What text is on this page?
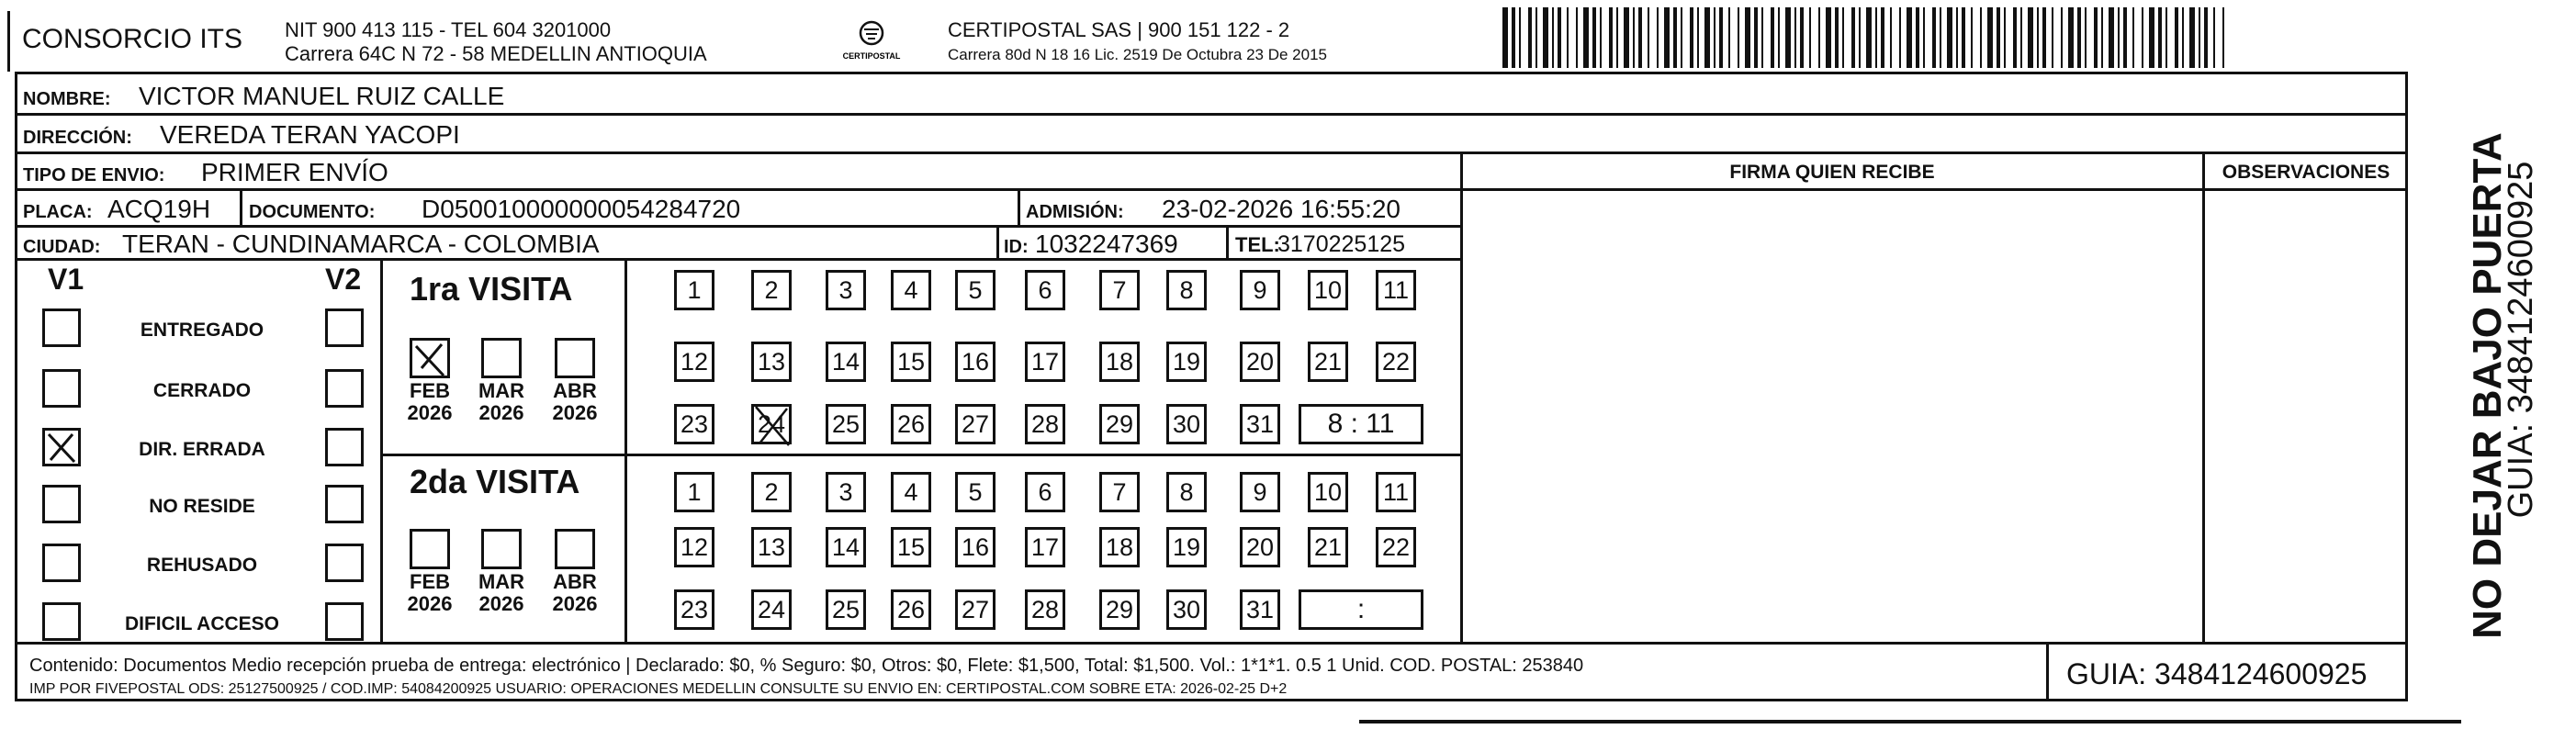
CONSORCIO ITS NIT 900 413 115 - TEL 604 3201000
Carrera 64C N 72 - 58 MEDELLIN ANTIOQUIA	CERTIPOSTAL
CERTIPOSTAL SAS | 900 151 122 - 2
Carrera 80d N 18 16 Lic. 2519 De Octubra 23 De 2015
NOMBRE: VICTOR MANUEL RUIZ CALLE
DIRECCIÓN: VEREDA TERAN YACOPI
TIPO DE ENVIO: PRIMER ENVÍO	FIRMA QUIEN RECIBE	OBSERVACIONES
PLACA: ACQ19H DOCUMENTO: D050010000000054284720	ADMISIÓN: 23-02-2026 16:55:20
CIUDAD: TERAN - CUNDINAMARCA - COLOMBIA	ID: 1032247369	TEL:
3170225125
V1	V2
ENTREGADO
CERRADO
DIR. ERRADA
NO RESIDE
REHUSADO
DIFICIL ACCESO
1ra VISITA
2da VISITA
FEB
2026
MAR
2026
ABR
2026
FEB
2026
MAR
2026
ABR
2026
1	2 3 4 5 6 7 8 9 10 11
12 13 14 15 16 17 18 19 20 21 22
23 24 25 26 27 28 29 30 31 8 : 11
1	2 3 4 5 6 7 8 9 10 11
12 13 14 15 16 17 18 19 20 21 22
23 24 25 26 27 28 29 30 31	:
Contenido: Documentos Medio recepción prueba de entrega: electrónico | Declarado: $0, % Seguro: $0, Otros: $0, Flete: $1,500, Total: $1,500. Vol.: 1*1*1. 0.5 1 Unid. COD. POSTAL: 253840
IMP POR FIVEPOSTAL ODS: 25127500925 / COD.IMP: 54084200925 USUARIO: OPERACIONES MEDELLIN CONSULTE SU ENVIO EN: CERTIPOSTAL.COM SOBRE ETA: 2026-02-25 D+2	GUIA: 3484124600925
NO DEJAR BAJO PUERTA
GUIA: 3484124600925
